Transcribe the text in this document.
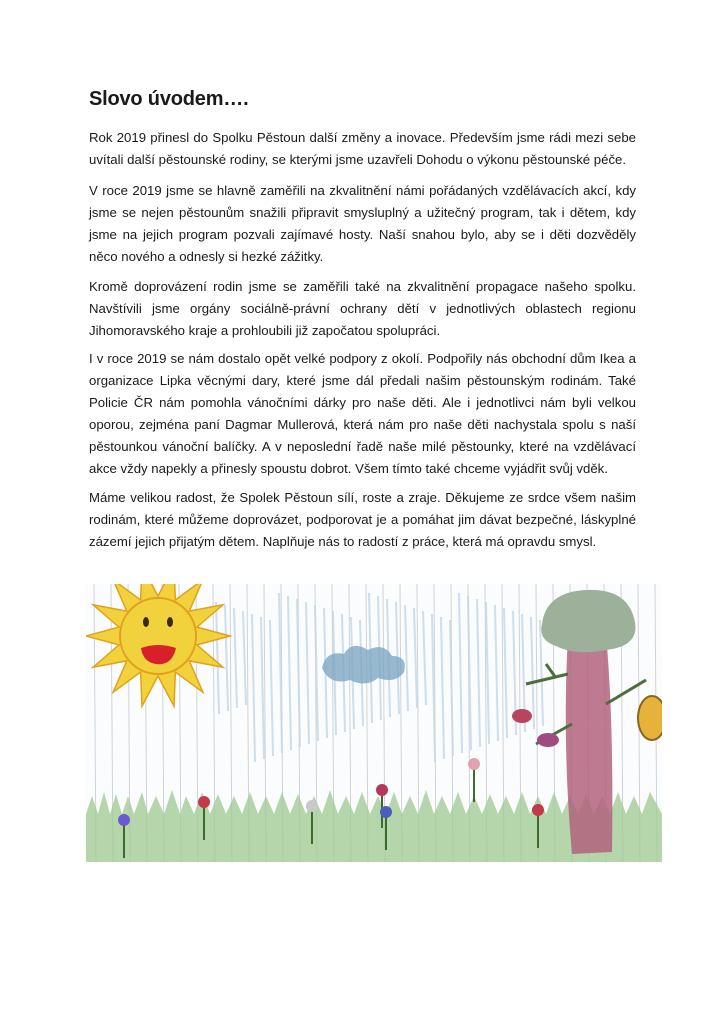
Slovo úvodem….

Rok 2019 přinesl do Spolku Pěstoun další změny a inovace. Především jsme rádi mezi sebe uvítali další pěstounské rodiny, se kterými jsme uzavřeli Dohodu o výkonu pěstounské péče.

V roce 2019 jsme se hlavně zaměřili na zkvalitnění námi pořádaných vzdělávacích akcí, kdy jsme se nejen pěstounům snažili připravit smysluplný a užitečný program, tak i dětem, kdy jsme na jejich program pozvali zajímavé hosty. Naší snahou bylo, aby se i děti dozvěděly něco nového a odnesly si hezké zážitky.

Kromě doprovázení rodin jsme se zaměřili také na zkvalitnění propagace našeho spolku. Navštívili jsme orgány sociálně-právní ochrany dětí v jednotlivých oblastech regionu Jihomoravského kraje a prohloubili již započatou spolupráci.

I v roce 2019 se nám dostalo opět velké podpory z okolí. Podpořily nás obchodní dům Ikea a organizace Lipka věcnými dary, které jsme dál předali našim pěstounským rodinám. Také Policie ČR nám pomohla vánočními dárky pro naše děti. Ale i jednotlivci nám byli velkou oporou, zejména paní Dagmar Mullerová, která nám pro naše děti nachystala spolu s naší pěstounkou vánoční balíčky. A v neposlední řadě naše milé pěstounky, které na vzdělávací akce vždy napekly a přinesly spoustu dobrot. Všem tímto také chceme vyjádřit svůj vděk.

Máme velikou radost, že Spolek Pěstoun sílí, roste a zraje. Děkujeme ze srdce všem našim rodinám, které můžeme doprovázet, podporovat je a pomáhat jim dávat bezpečné, láskyplné zázemí jejich přijatým dětem. Naplňuje nás to radostí z práce, která má opravdu smysl.
